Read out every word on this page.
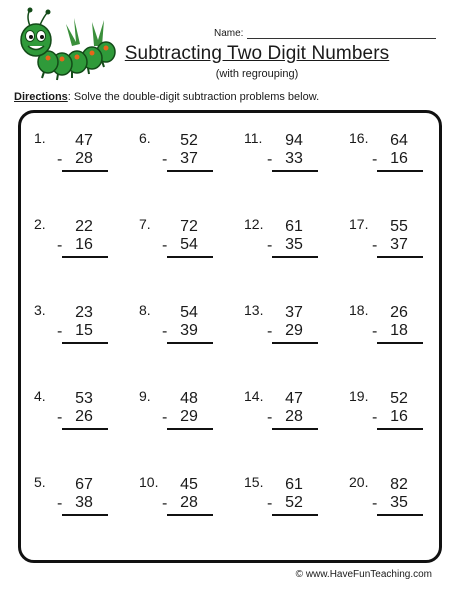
Name:
Subtracting Two Digit Numbers
(with regrouping)
Directions: Solve the double-digit subtraction problems below.
1.	47
- 28
6.	52
- 37
11.	94
- 33
16.	64
- 16
2.	22
- 16
7.	72
- 54
12.	61
- 35
17.	55
- 37
3.	23
- 15
8.	54
- 39
13.	37
- 29
18.	26
- 18
4.	53
- 26
9.	48
- 29
14.	47
- 28
19.	52
- 16
5.	67
- 38
10.	45
- 28
15.	61
- 52
20.	82
- 35
© www.HaveFunTeaching.com
